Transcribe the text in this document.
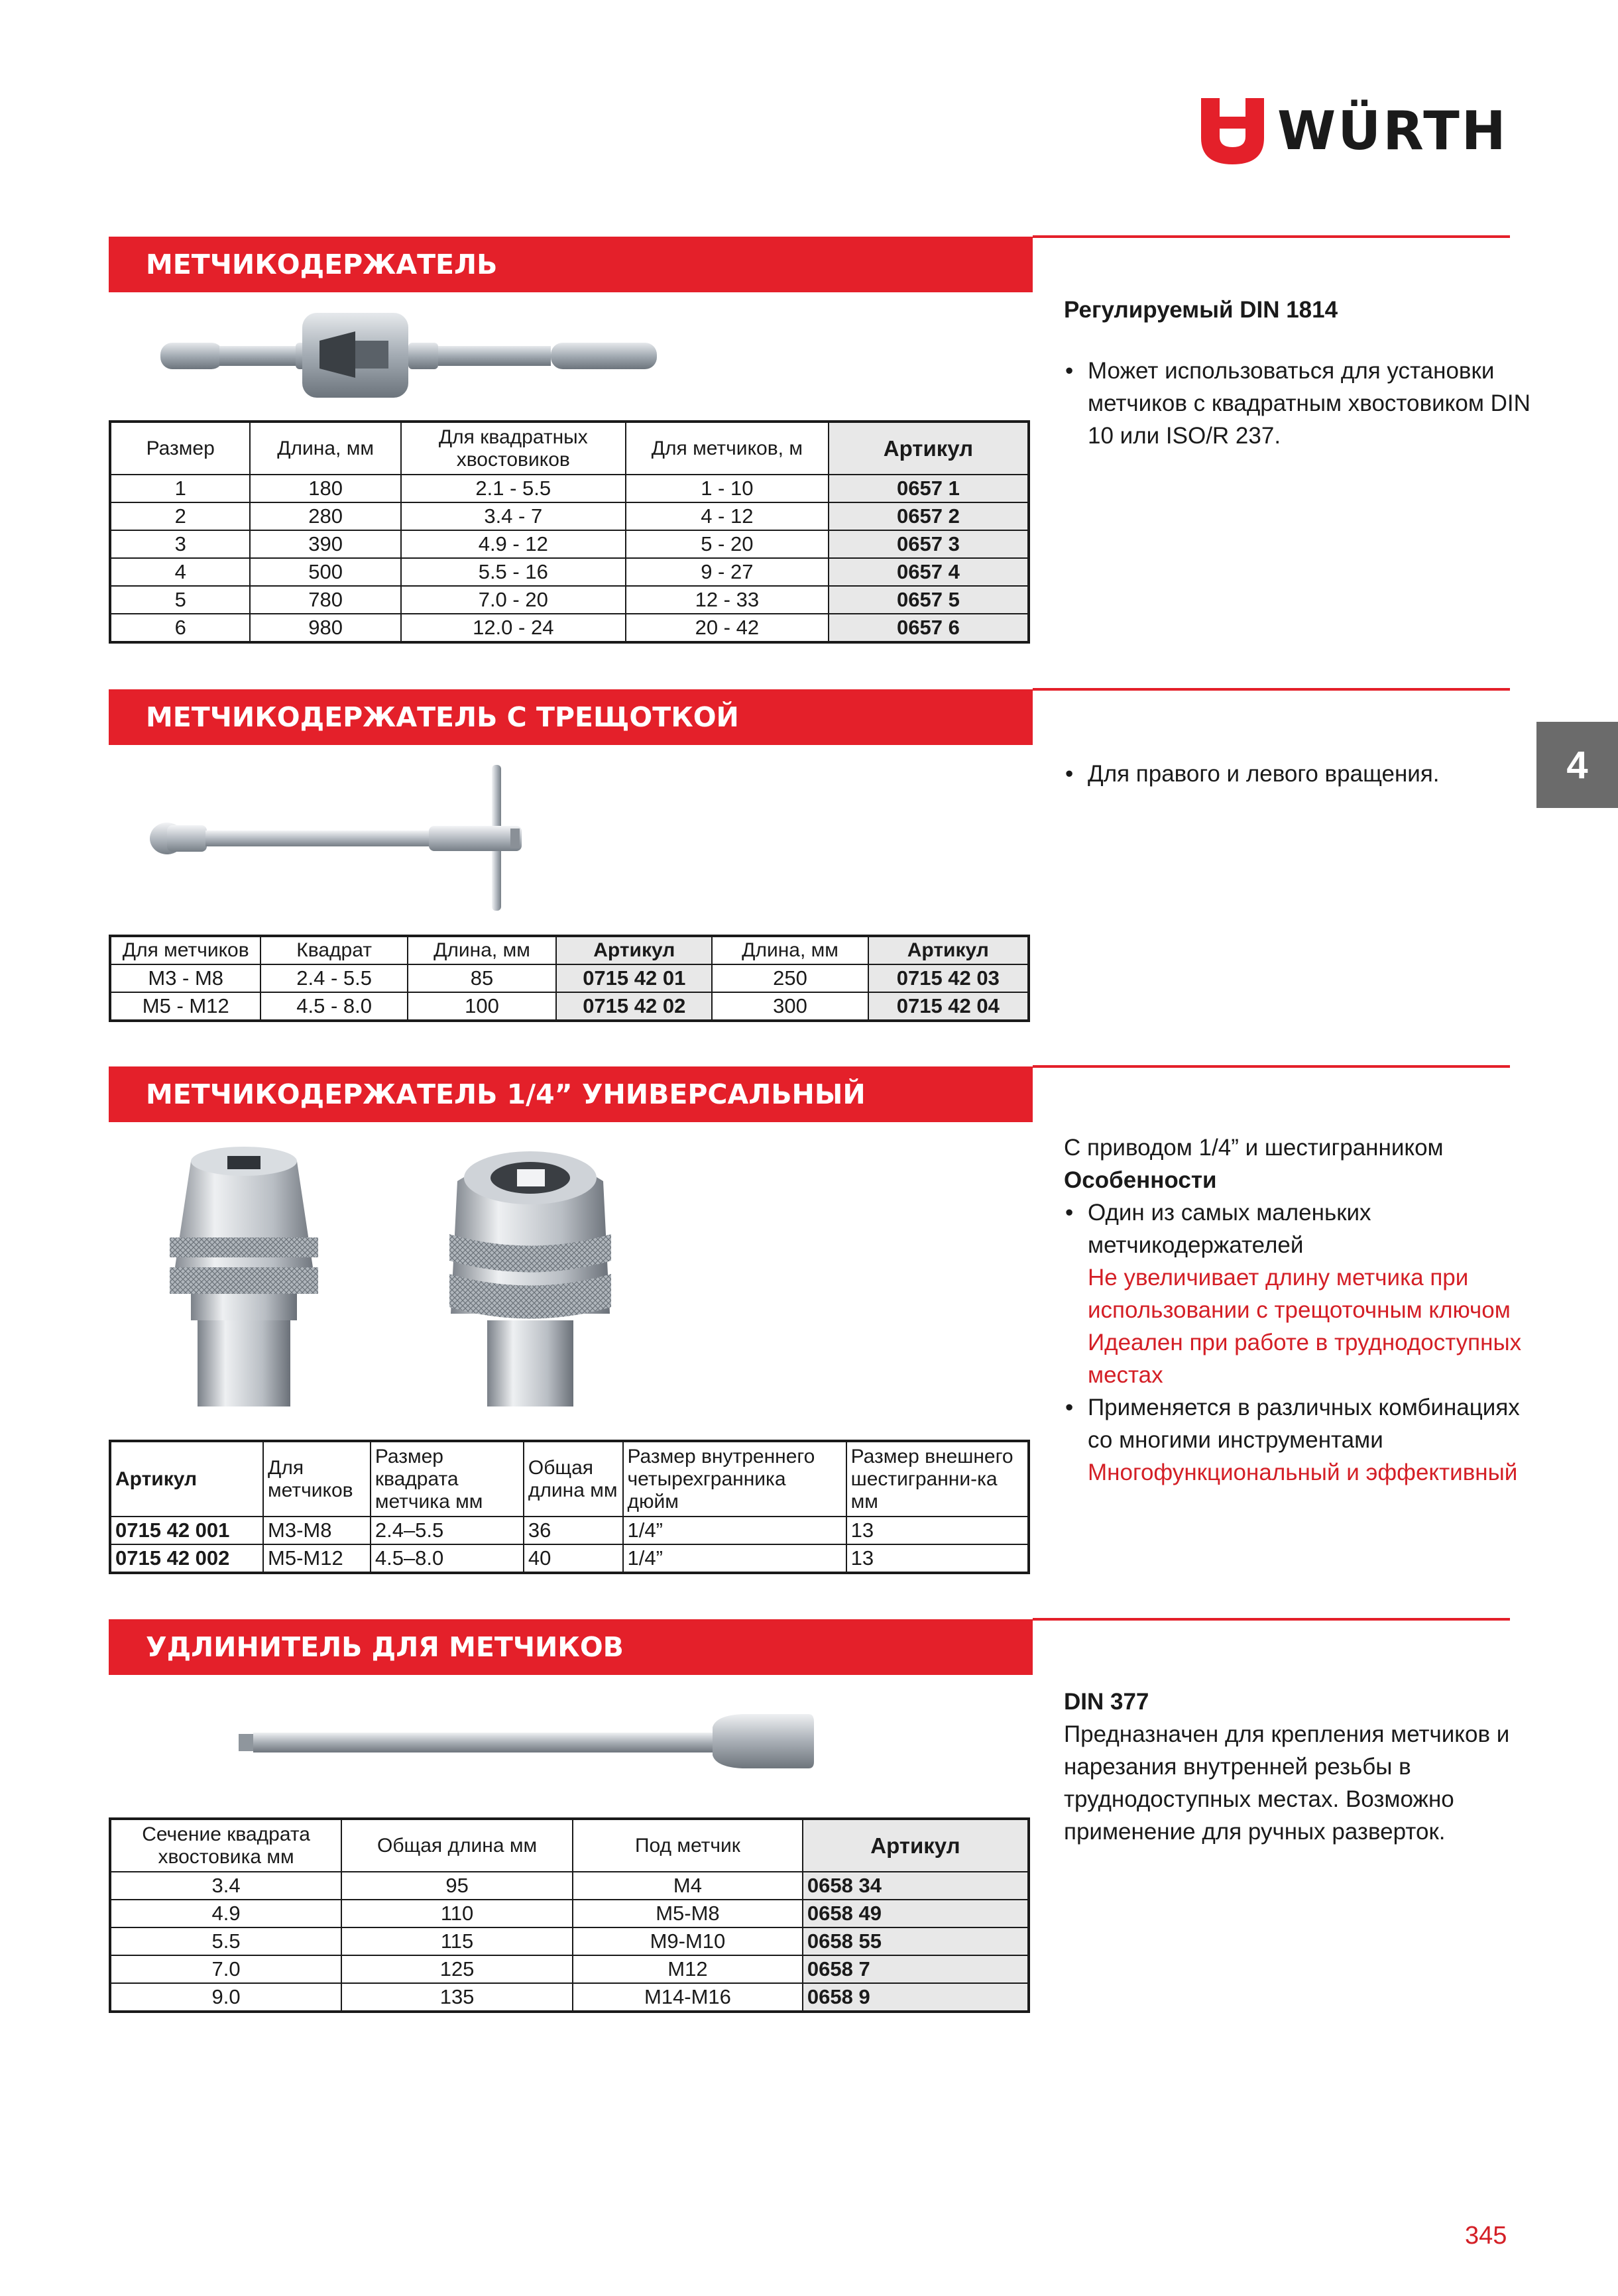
WÜRTH
4
МЕТЧИКОДЕРЖАТЕЛЬ
Регулируемый DIN 1814
• Может использоваться для установки метчиков с квадратным хвостовиком DIN 10 или ISO/R 237.
Размер	Длина, мм	Для квадратных хвостовиков	Для метчиков, м	Артикул
1	180	2.1 - 5.5	1 - 10	0657 1
2	280	3.4 - 7	4 - 12	0657 2
3	390	4.9 - 12	5 - 20	0657 3
4	500	5.5 - 16	9 - 27	0657 4
5	780	7.0 - 20	12 - 33	0657 5
6	980	12.0 - 24	20 - 42	0657 6
МЕТЧИКОДЕРЖАТЕЛЬ С ТРЕЩОТКОЙ
• Для правого и левого вращения.
Для метчиков	Квадрат	Длина, мм	Артикул	Длина, мм	Артикул
M3 - M8	2.4 - 5.5	85	0715 42 01	250	0715 42 03
M5 - M12	4.5 - 8.0	100	0715 42 02	300	0715 42 04
МЕТЧИКОДЕРЖАТЕЛЬ 1/4” УНИВЕРСАЛЬНЫЙ
С приводом 1/4” и шестигранником
Особенности
• Один из самых маленьких метчикодержателей
Не увеличивает длину метчика при использовании с трещоточным ключом
Идеален при работе в труднодоступных местах
• Применяется в различных комбинациях со многими инструментами
Многофункциональный и эффективный
Артикул	Для метчиков	Размер квадрата метчика мм	Общая длина мм	Размер внутреннего четырехгранника дюйм	Размер внешнего шестигранни-ка мм
0715 42 001	M3-M8	2.4–5.5	36	1/4”	13
0715 42 002	M5-M12	4.5–8.0	40	1/4”	13
УДЛИНИТЕЛЬ ДЛЯ МЕТЧИКОВ
DIN 377
Предназначен для крепления метчиков и нарезания внутренней резьбы в труднодоступных местах. Возможно применение для ручных разверток.
Сечение квадрата хвостовика мм	Общая длина мм	Под метчик	Артикул
3.4	95	M4	0658 34
4.9	110	M5-M8	0658 49
5.5	115	M9-M10	0658 55
7.0	125	M12	0658 7
9.0	135	M14-M16	0658 9
345
